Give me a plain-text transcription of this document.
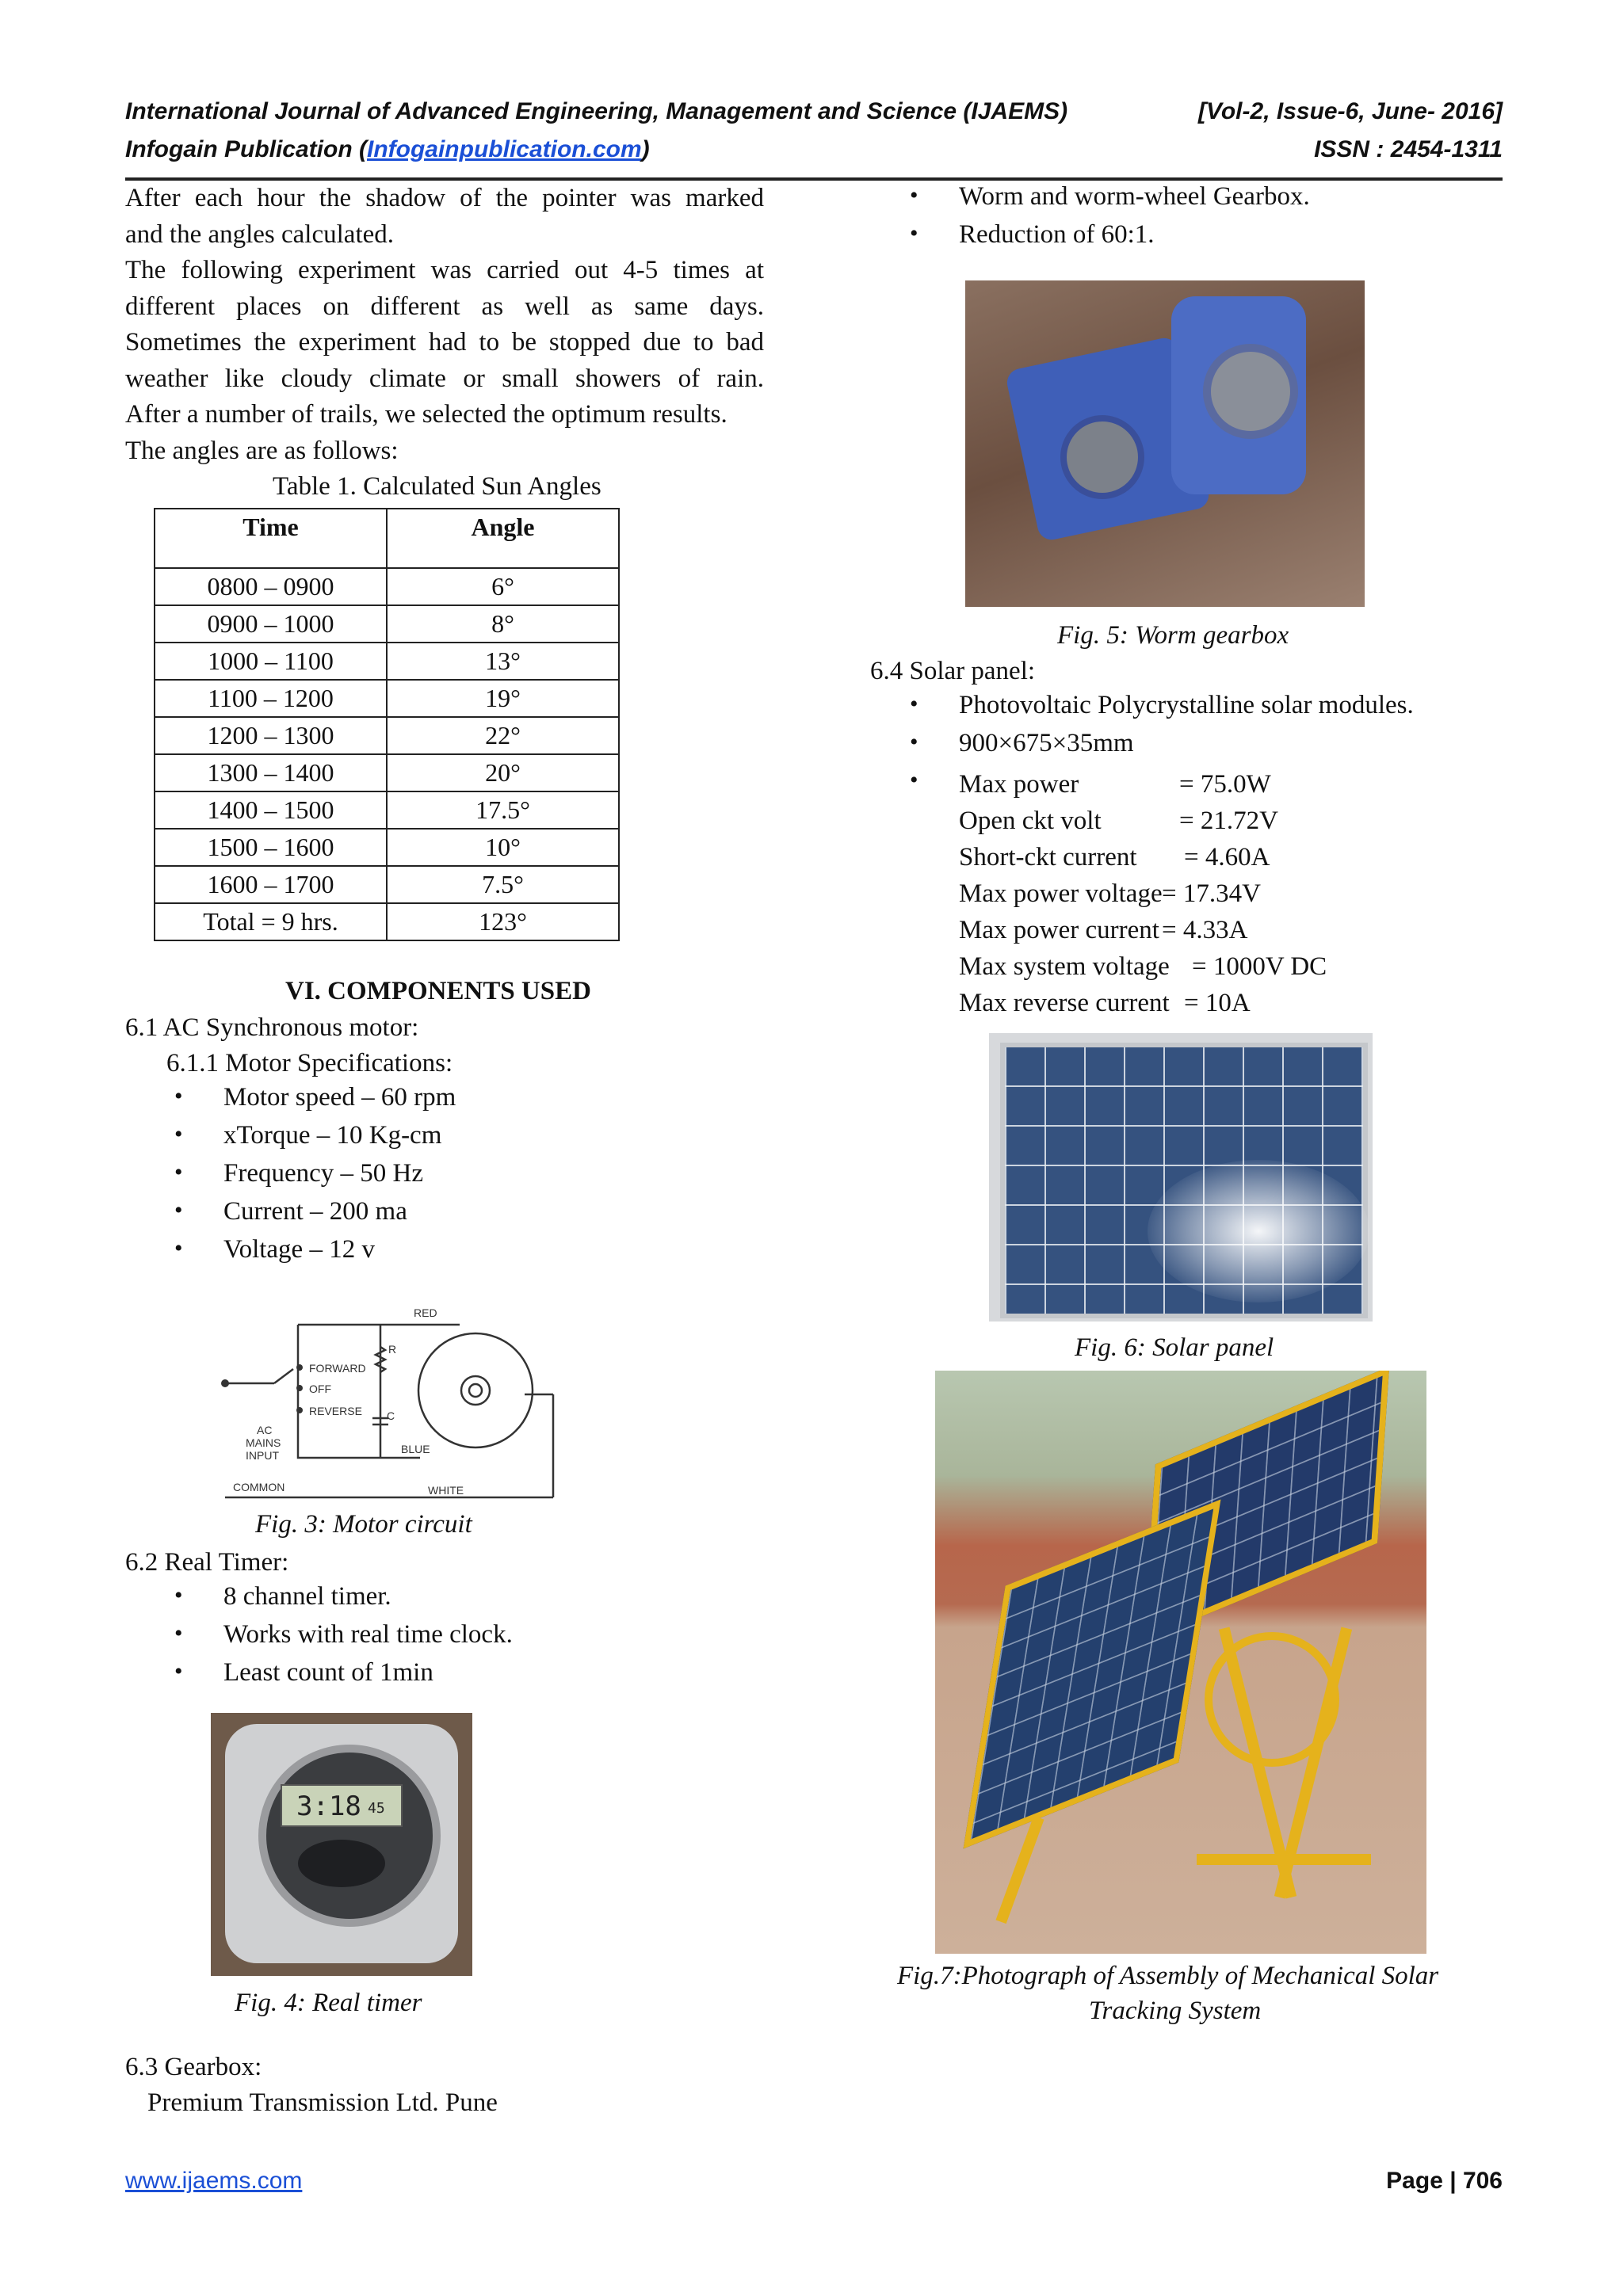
International Journal of Advanced Engineering, Management and Science (IJAEMS)	[Vol-2, Issue-6, June- 2016]
Infogain Publication (Infogainpublication.com)	ISSN : 2454-1311
After each hour the shadow of the pointer was marked
and the angles calculated.
The following experiment was carried out 4-5 times at
different places on different as well as same days.
Sometimes the experiment had to be stopped due to bad
weather like cloudy climate or small showers of rain.
After a number of trails, we selected the optimum results.
The angles are as follows:
Table 1. Calculated Sun Angles
Time	Angle
0800 – 0900	6°
0900 – 1000	8°
1000 – 1100	13°
1100 – 1200	19°
1200 – 1300	22°
1300 – 1400	20°
1400 – 1500	17.5°
1500 – 1600	10°
1600 – 1700	7.5°
Total = 9 hrs.	123°
VI. COMPONENTS USED
6.1 AC Synchronous motor:
6.1.1 Motor Specifications:
• Motor speed – 60 rpm
• xTorque – 10 Kg-cm
• Frequency – 50 Hz
• Current – 200 ma
• Voltage – 12 v
RED
R
FORWARD
OFF
REVERSE C
AC
MAINS
INPUT	BLUE
COMMON	WHITE
Fig. 3: Motor circuit
6.2 Real Timer:
• 8 channel timer.
• Works with real time clock.
• Least count of 1min
3:18 45
Fig. 4: Real timer
6.3 Gearbox:
Premium Transmission Ltd. Pune
• Worm and worm-wheel Gearbox.
• Reduction of 60:1.
Fig. 5: Worm gearbox
6.4 Solar panel:
• Photovoltaic Polycrystalline solar modules.
• 900×675×35mm
• Max power	= 75.0W
Open ckt volt	= 21.72V
Short-ckt current = 4.60A
Max power voltage = 17.34V
Max power current = 4.33A
Max system voltage = 1000V DC
Max reverse current = 10A
Fig. 6: Solar panel
Fig.7:Photograph of Assembly of Mechanical Solar
Tracking System
www.ijaems.com	Page | 706
